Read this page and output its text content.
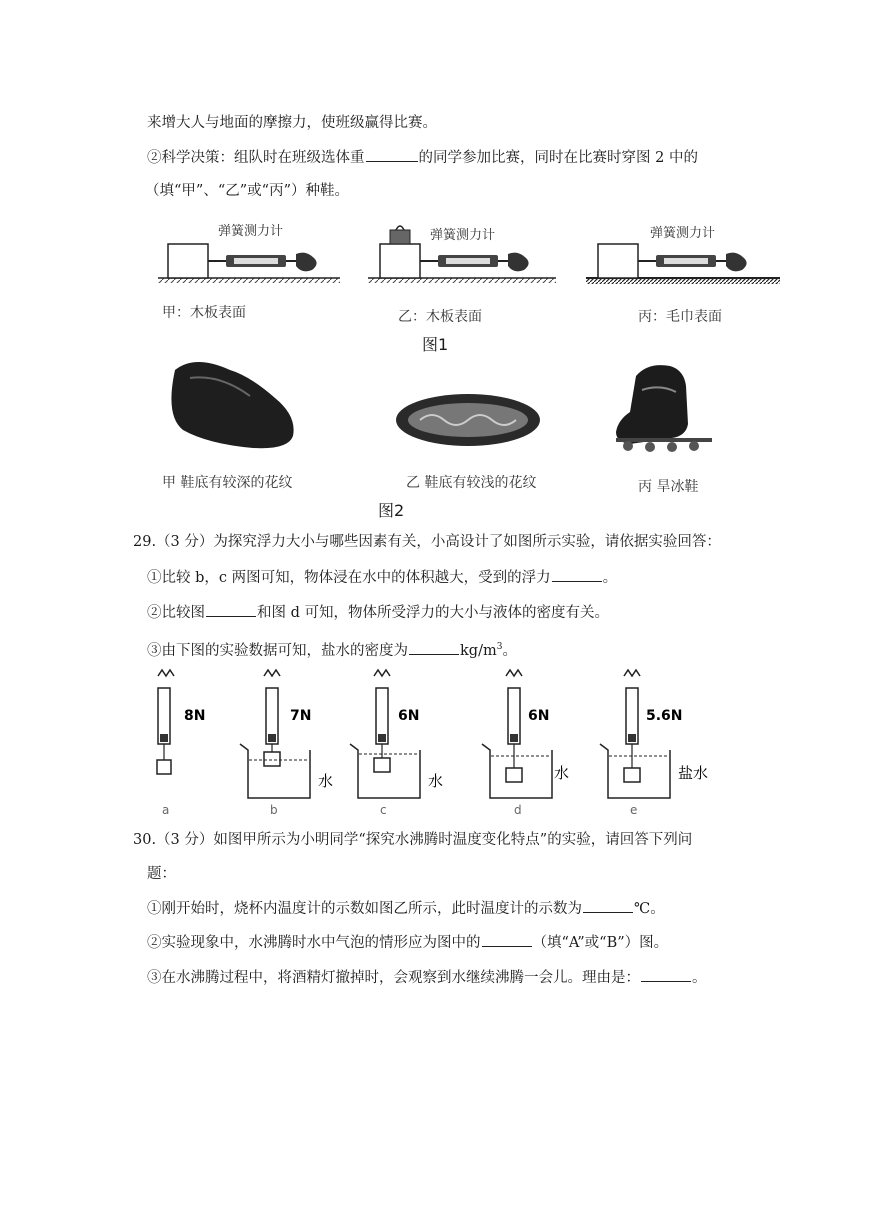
来增大人与地面的摩擦力，使班级赢得比赛。
②科学决策：组队时在班级选体重	的同学参加比赛，同时在比赛时穿图 2 中的
（填“甲”、“乙”或“丙”）种鞋。
弹簧测力计	弹簧测力计	弹簧测力计
甲：木板表面	乙：木板表面	丙：毛巾表面
图1
甲 鞋底有较深的花纹	乙 鞋底有较浅的花纹	丙 旱冰鞋
图2
29.（3 分）为探究浮力大小与哪些因素有关，小高设计了如图所示实验，请依据实验回答：
①比较 b，c 两图可知，物体浸在水中的体积越大，受到的浮力	。
②比较图	和图 d 可知，物体所受浮力的大小与液体的密度有关。
③由下图的实验数据可知，盐水的密度为	$kg/m^3$。
8N
a
7N
水
b
6N
水
c
6N
水
d
5.6N
盐水
e
30.（3 分）如图甲所示为小明同学“探究水沸腾时温度变化特点”的实验，请回答下列问
题：
①刚开始时，烧杯内温度计的示数如图乙所示，此时温度计的示数为	℃。
②实验现象中，水沸腾时水中气泡的情形应为图中的	（填“A”或“B”）图。
③在水沸腾过程中，将酒精灯撤掉时，会观察到水继续沸腾一会儿。理由是：	。
